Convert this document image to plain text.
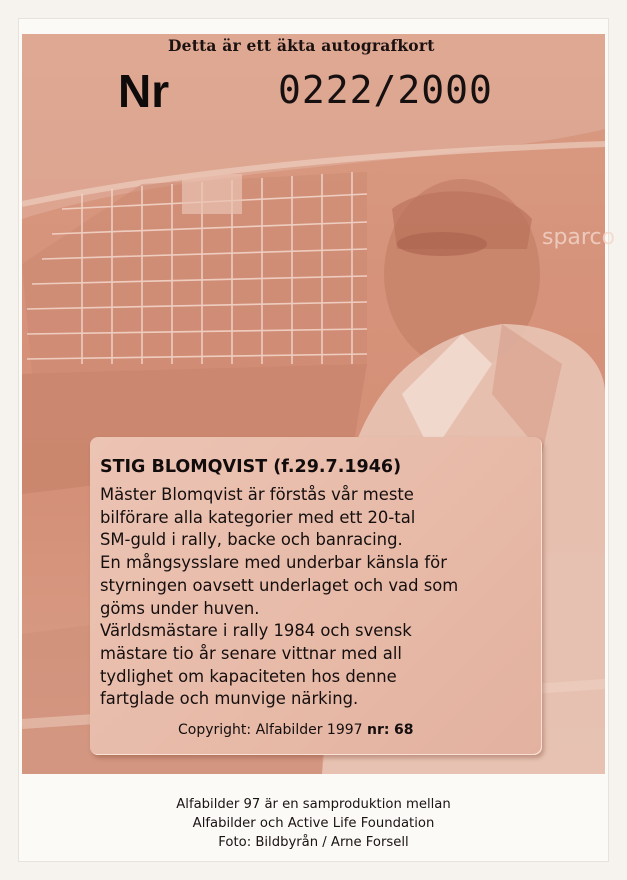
sparco
Detta är ett äkta autografkort
Nr	0222/2000
STIG BLOMQVIST (f.29.7.1946)
Mäster Blomqvist är förstås vår meste
bilförare alla kategorier med ett 20-tal
SM-guld i rally, backe och banracing.
En mångsysslare med underbar känsla för
styrningen oavsett underlaget och vad som
göms under huven.
Världsmästare i rally 1984 och svensk
mästare tio år senare vittnar med all
tydlighet om kapaciteten hos denne
fartglade och munvige närking.
Copyright: Alfabilder 1997 nr: 68
Alfabilder 97 är en samproduktion mellan
Alfabilder och Active Life Foundation
Foto: Bildbyrån / Arne Forsell
